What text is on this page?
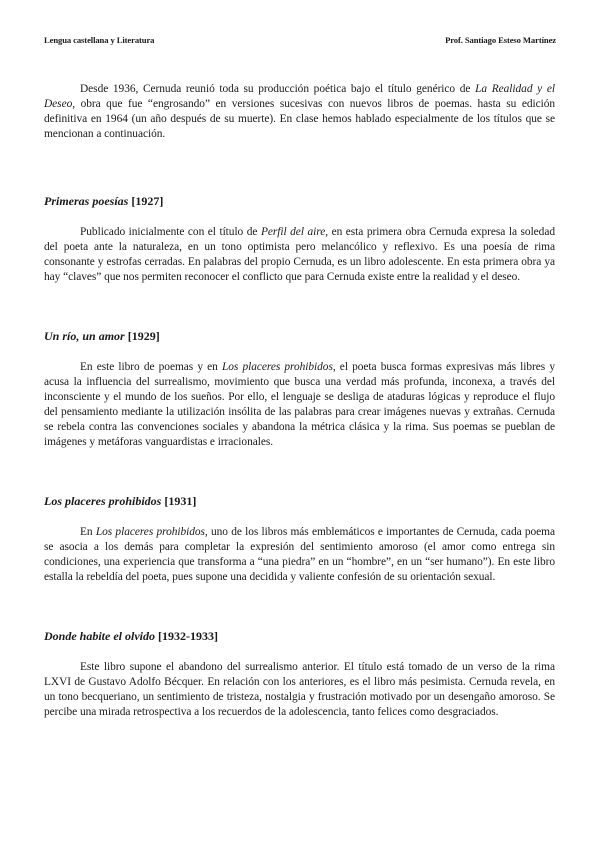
Lengua castellana y Literatura	Prof. Santiago Esteso Martínez

Desde 1936, Cernuda reunió toda su producción poética bajo el título genérico de La Realidad y el Deseo, obra que fue “engrosando” en versiones sucesivas con nuevos libros de poemas. hasta su edición definitiva en 1964 (un año después de su muerte). En clase hemos hablado especialmente de los títulos que se mencionan a continuación.

Primeras poesías [1927]

Publicado inicialmente con el título de Perfil del aire, en esta primera obra Cernuda expresa la soledad del poeta ante la naturaleza, en un tono optimista pero melancólico y reflexivo. Es una poesía de rima consonante y estrofas cerradas. En palabras del propio Cernuda, es un libro adolescente. En esta primera obra ya hay “claves” que nos permiten reconocer el conflicto que para Cernuda existe entre la realidad y el deseo.

Un río, un amor [1929]

En este libro de poemas y en Los placeres prohibidos, el poeta busca formas expresivas más libres y acusa la influencia del surrealismo, movimiento que busca una verdad más profunda, inconexa, a través del inconsciente y el mundo de los sueños. Por ello, el lenguaje se desliga de ataduras lógicas y reproduce el flujo del pensamiento mediante la utilización insólita de las palabras para crear imágenes nuevas y extrañas. Cernuda se rebela contra las convenciones sociales y abandona la métrica clásica y la rima. Sus poemas se pueblan de imágenes y metáforas vanguardistas e irracionales.

Los placeres prohibidos [1931]

En Los placeres prohibidos, uno de los libros más emblemáticos e importantes de Cernuda, cada poema se asocia a los demás para completar la expresión del sentimiento amoroso (el amor como entrega sin condiciones, una experiencia que transforma a “una piedra” en un “hombre”, en un “ser humano”). En este libro estalla la rebeldía del poeta, pues supone una decidida y valiente confesión de su orientación sexual.

Donde habite el olvido [1932-1933]

Este libro supone el abandono del surrealismo anterior. El título está tomado de un verso de la rima LXVI de Gustavo Adolfo Bécquer. En relación con los anteriores, es el libro más pesimista. Cernuda revela, en un tono becqueriano, un sentimiento de tristeza, nostalgia y frustración motivado por un desengaño amoroso. Se percibe una mirada retrospectiva a los recuerdos de la adolescencia, tanto felices como desgraciados.
